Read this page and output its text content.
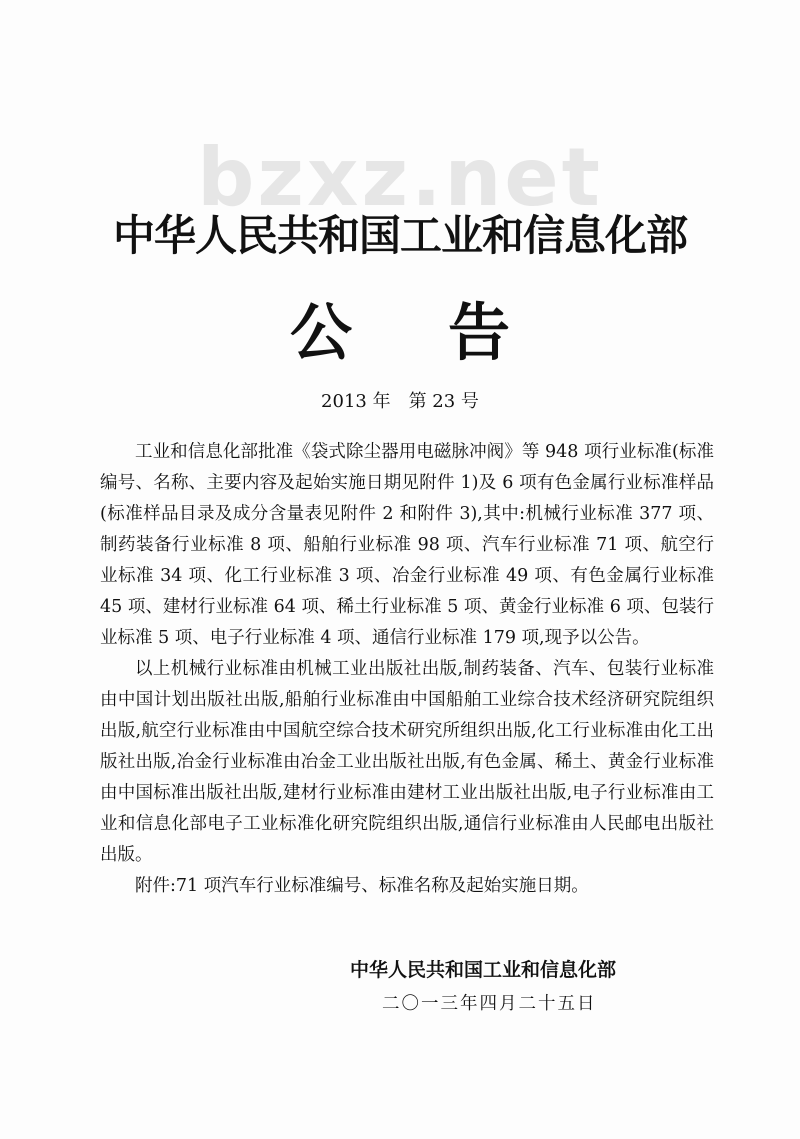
bzxz.net
中华人民共和国工业和信息化部
公告
2013 年　第 23 号

工业和信息化部批准《袋式除尘器用电磁脉冲阀》等 948 项行业标准(标准编号、名称、主要内容及起始实施日期见附件 1)及 6 项有色金属行业标准样品(标准样品目录及成分含量表见附件 2 和附件 3),其中:机械行业标准 377 项、制药装备行业标准 8 项、船舶行业标准 98 项、汽车行业标准 71 项、航空行业标准 34 项、化工行业标准 3 项、冶金行业标准 49 项、有色金属行业标准 45 项、建材行业标准 64 项、稀土行业标准 5 项、黄金行业标准 6 项、包装行业标准 5 项、电子行业标准 4 项、通信行业标准 179 项,现予以公告。

以上机械行业标准由机械工业出版社出版,制药装备、汽车、包装行业标准由中国计划出版社出版,船舶行业标准由中国船舶工业综合技术经济研究院组织出版,航空行业标准由中国航空综合技术研究所组织出版,化工行业标准由化工出版社出版,冶金行业标准由冶金工业出版社出版,有色金属、稀土、黄金行业标准由中国标准出版社出版,建材行业标准由建材工业出版社出版,电子行业标准由工业和信息化部电子工业标准化研究院组织出版,通信行业标准由人民邮电出版社出版。

附件:71 项汽车行业标准编号、标准名称及起始实施日期。

中华人民共和国工业和信息化部
二〇一三年四月二十五日
